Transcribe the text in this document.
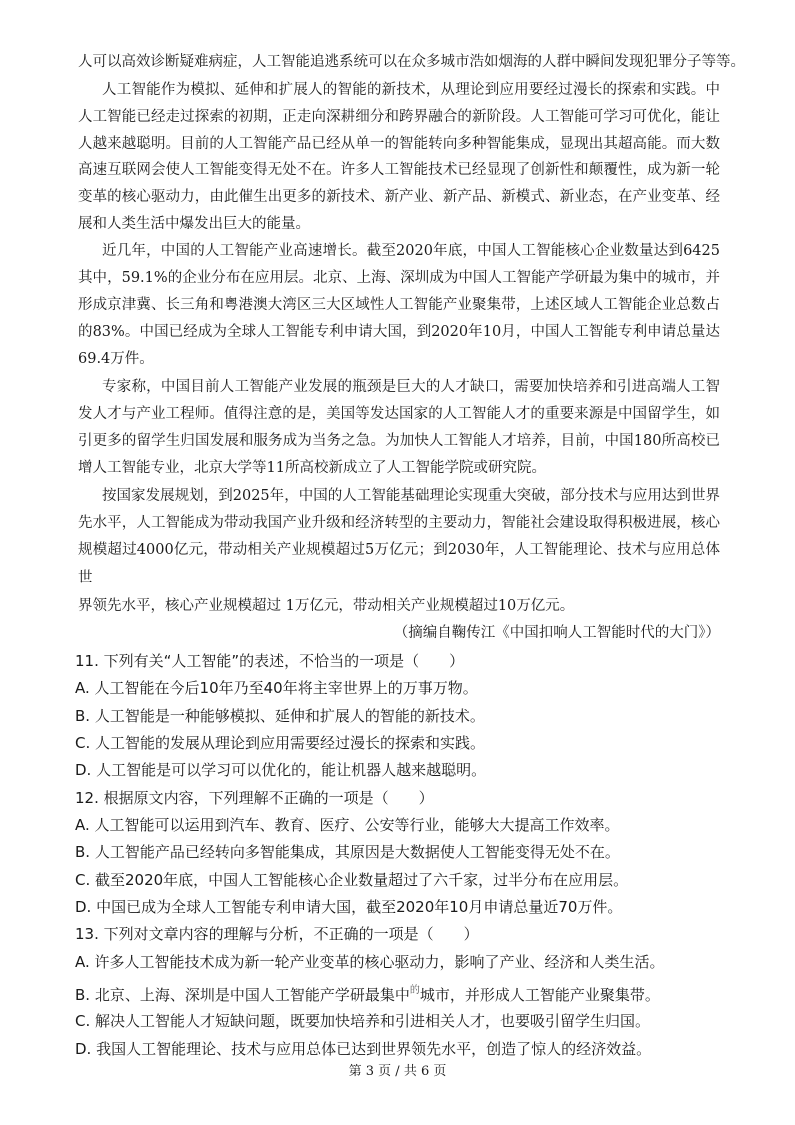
人可以高效诊断疑难病症，人工智能追逃系统可以在众多城市浩如烟海的人群中瞬间发现犯罪分子等等。
人工智能作为模拟、延伸和扩展人的智能的新技术，从理论到应用要经过漫长的探索和实践。中
人工智能已经走过探索的初期，正走向深耕细分和跨界融合的新阶段。人工智能可学习可优化，能让
人越来越聪明。目前的人工智能产品已经从单一的智能转向多种智能集成，显现出其超高能。而大数
高速互联网会使人工智能变得无处不在。许多人工智能技术已经显现了创新性和颠覆性，成为新一轮
变革的核心驱动力，由此催生出更多的新技术、新产业、新产品、新模式、新业态，在产业变革、经
展和人类生活中爆发出巨大的能量。
近几年，中国的人工智能产业高速增长。截至2020年底，中国人工智能核心企业数量达到6425
其中，59.1%的企业分布在应用层。北京、上海、深圳成为中国人工智能产学研最为集中的城市，并
形成京津冀、长三角和粤港澳大湾区三大区域性人工智能产业聚集带，上述区域人工智能企业总数占
的83%。中国已经成为全球人工智能专利申请大国，到2020年10月，中国人工智能专利申请总量达
69.4万件。
专家称，中国目前人工智能产业发展的瓶颈是巨大的人才缺口，需要加快培养和引进高端人工智
发人才与产业工程师。值得注意的是，美国等发达国家的人工智能人才的重要来源是中国留学生，如
引更多的留学生归国发展和服务成为当务之急。为加快人工智能人才培养，目前，中国180所高校已
增人工智能专业，北京大学等11所高校新成立了人工智能学院或研究院。
按国家发展规划，到2025年，中国的人工智能基础理论实现重大突破，部分技术与应用达到世界
先水平，人工智能成为带动我国产业升级和经济转型的主要动力，智能社会建设取得积极进展，核心
规模超过4000亿元，带动相关产业规模超过5万亿元；到2030年，人工智能理论、技术与应用总体
世
界领先水平，核心产业规模超过 1万亿元，带动相关产业规模超过10万亿元。
（摘编自鞠传江《中国扣响人工智能时代的大门》）
11. 下列有关“人工智能”的表述，不恰当的一项是（　　）
A. 人工智能在今后10年乃至40年将主宰世界上的万事万物。
B. 人工智能是一种能够模拟、延伸和扩展人的智能的新技术。
C. 人工智能的发展从理论到应用需要经过漫长的探索和实践。
D. 人工智能是可以学习可以优化的，能让机器人越来越聪明。
12. 根据原文内容，下列理解不正确的一项是（　　）
A. 人工智能可以运用到汽车、教育、医疗、公安等行业，能够大大提高工作效率。
B. 人工智能产品已经转向多智能集成，其原因是大数据使人工智能变得无处不在。
C. 截至2020年底，中国人工智能核心企业数量超过了六千家，过半分布在应用层。
D. 中国已成为全球人工智能专利申请大国，截至2020年10月申请总量近70万件。
13. 下列对文章内容的理解与分析，不正确的一项是（　　）
A. 许多人工智能技术成为新一轮产业变革的核心驱动力，影响了产业、经济和人类生活。
B. 北京、上海、深圳是中国人工智能产学研最集中$^的$城市，并形成人工智能产业聚集带。
C. 解决人工智能人才短缺问题，既要加快培养和引进相关人才，也要吸引留学生归国。
D. 我国人工智能理论、技术与应用总体已达到世界领先水平，创造了惊人的经济效益。
第 3 页 / 共 6 页
